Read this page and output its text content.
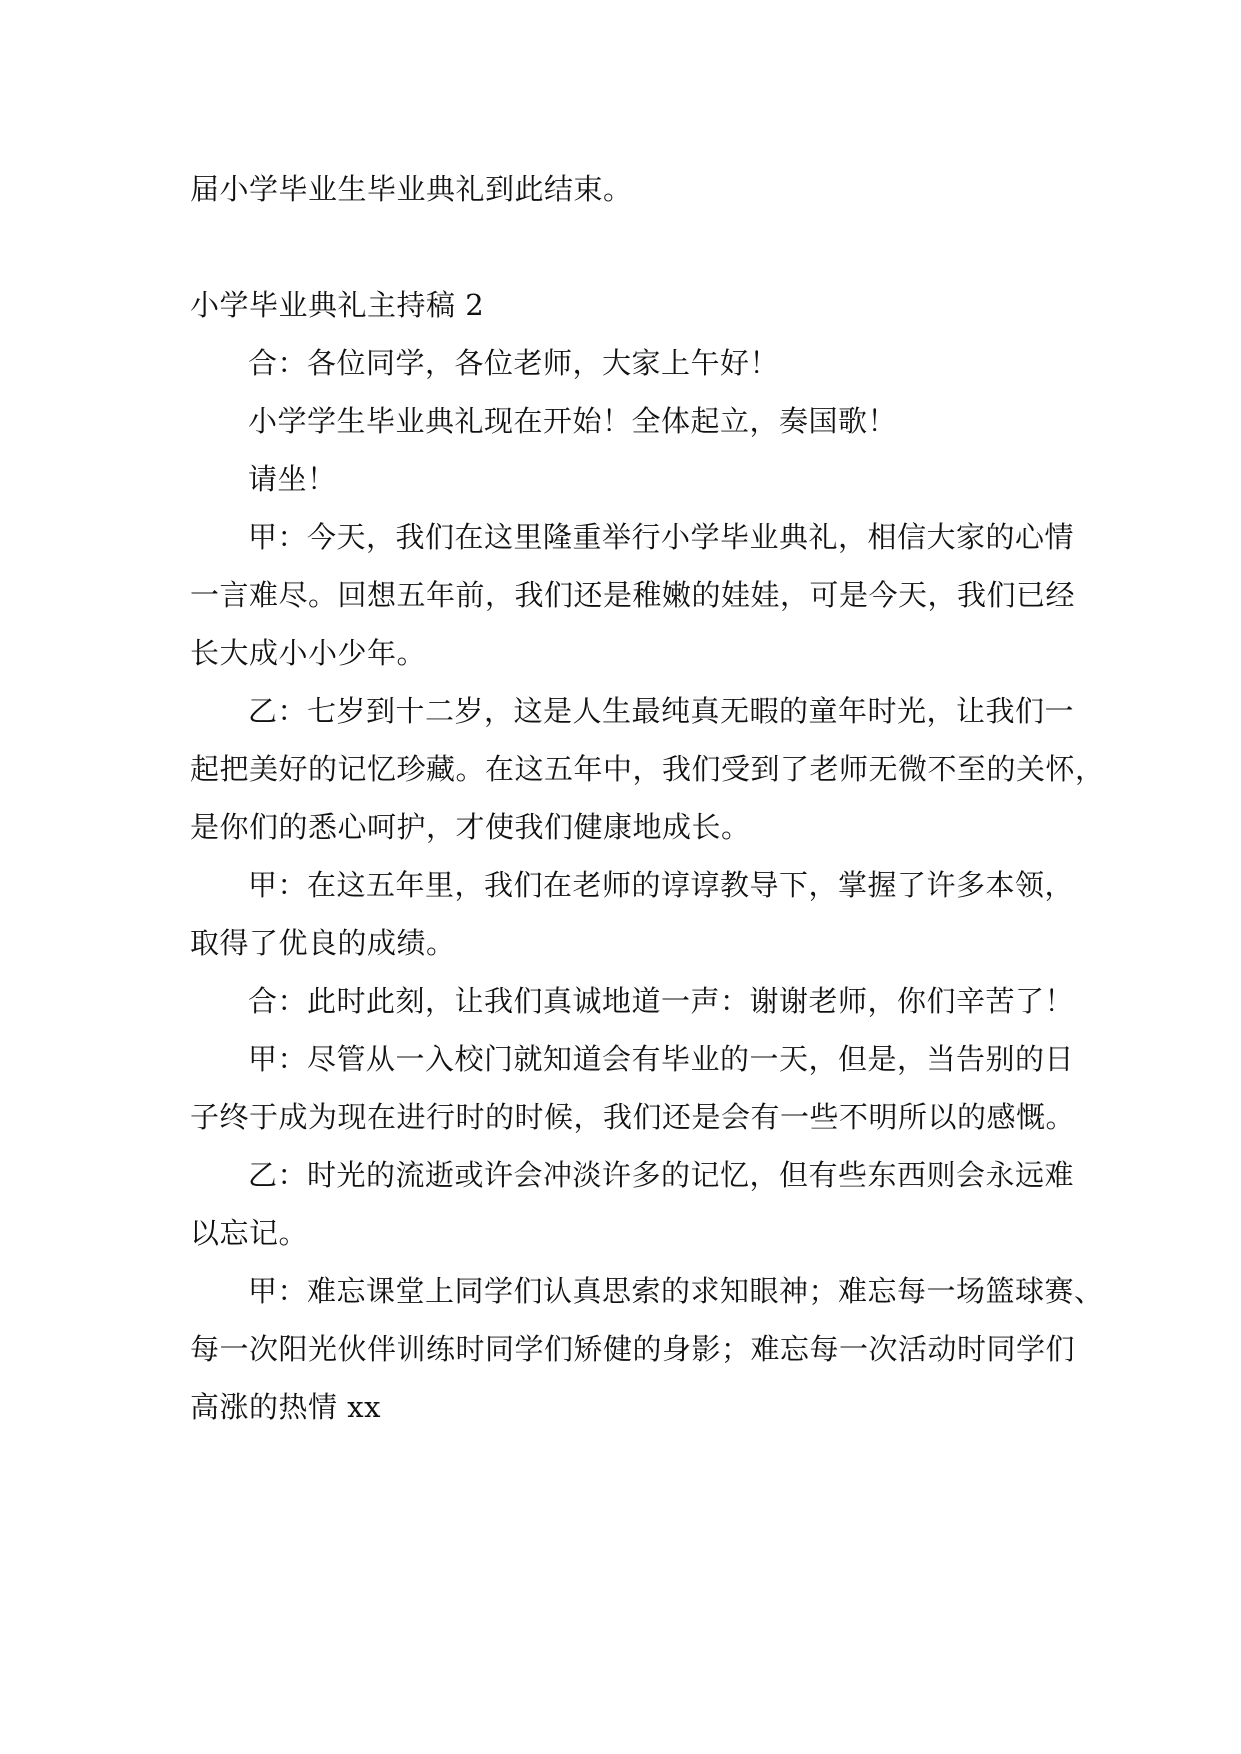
届小学毕业生毕业典礼到此结束。

小学毕业典礼主持稿 2
合：各位同学，各位老师，大家上午好！
小学学生毕业典礼现在开始！全体起立，奏国歌！
请坐！
甲：今天，我们在这里隆重举行小学毕业典礼，相信大家的心情
一言难尽。回想五年前，我们还是稚嫩的娃娃，可是今天，我们已经
长大成小小少年。
乙：七岁到十二岁，这是人生最纯真无暇的童年时光，让我们一
起把美好的记忆珍藏。在这五年中，我们受到了老师无微不至的关怀，
是你们的悉心呵护，才使我们健康地成长。
甲：在这五年里，我们在老师的谆谆教导下，掌握了许多本领，
取得了优良的成绩。
合：此时此刻，让我们真诚地道一声：谢谢老师，你们辛苦了！
甲：尽管从一入校门就知道会有毕业的一天，但是，当告别的日
子终于成为现在进行时的时候，我们还是会有一些不明所以的感慨。
乙：时光的流逝或许会冲淡许多的记忆，但有些东西则会永远难
以忘记。
甲：难忘课堂上同学们认真思索的求知眼神；难忘每一场篮球赛、
每一次阳光伙伴训练时同学们矫健的身影；难忘每一次活动时同学们
高涨的热情 xx
